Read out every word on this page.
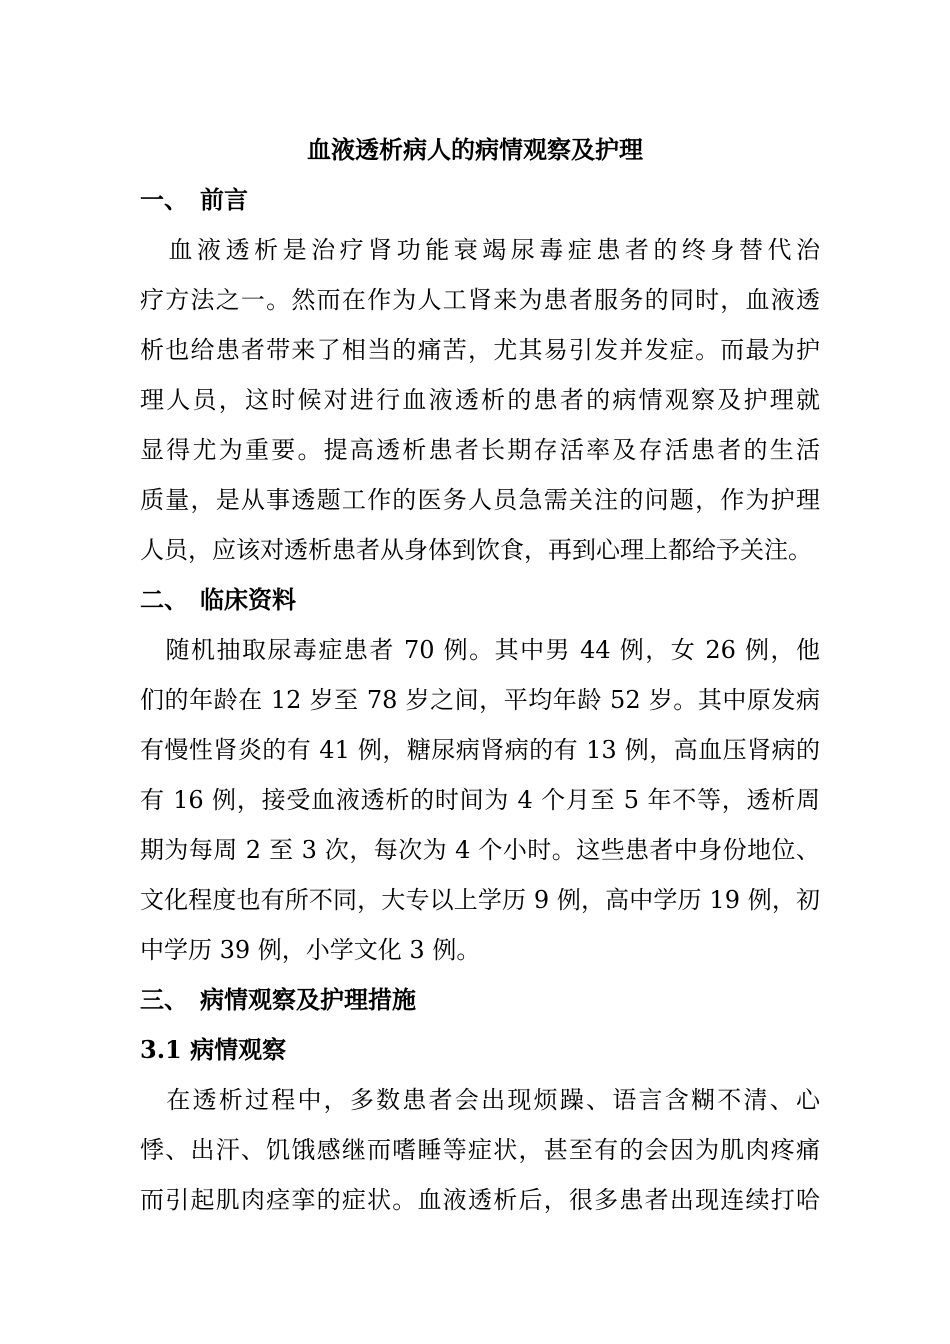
血液透析病人的病情观察及护理
一、 前言

　血液透析是治疗肾功能衰竭尿毒症患者的终身替代治

疗方法之一。然而在作为人工肾来为患者服务的同时，血液透

析也给患者带来了相当的痛苦，尤其易引发并发症。而最为护

理人员，这时候对进行血液透析的患者的病情观察及护理就

显得尤为重要。提高透析患者长期存活率及存活患者的生活

质量，是从事透题工作的医务人员急需关注的问题，作为护理

人员，应该对透析患者从身体到饮食，再到心理上都给予关注。

二、 临床资料

　随机抽取尿毒症患者 70 例。其中男 44 例，女 26 例，他

们的年龄在 12 岁至 78 岁之间，平均年龄 52 岁。其中原发病

有慢性肾炎的有 41 例，糖尿病肾病的有 13 例，高血压肾病的

有 16 例，接受血液透析的时间为 4 个月至 5 年不等，透析周

期为每周 2 至 3 次，每次为 4 个小时。这些患者中身份地位、

文化程度也有所不同，大专以上学历 9 例，高中学历 19 例，初

中学历 39 例，小学文化 3 例。

三、 病情观察及护理措施
3.1 病情观察

　在透析过程中，多数患者会出现烦躁、语言含糊不清、心

悸、出汗、饥饿感继而嗜睡等症状，甚至有的会因为肌肉疼痛

而引起肌肉痉挛的症状。血液透析后，很多患者出现连续打哈
